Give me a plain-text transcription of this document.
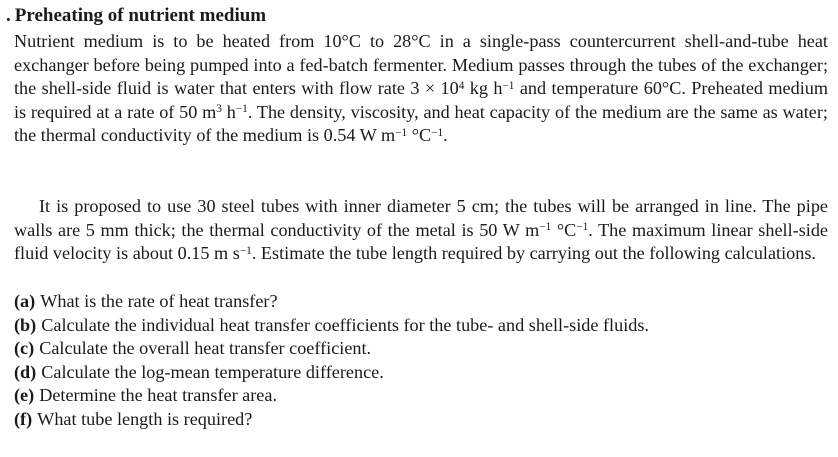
. Preheating of nutrient medium

Nutrient medium is to be heated from 10°C to 28°C in a single-pass countercurrent shell-and-tube heat exchanger before being pumped into a fed-batch fermenter. Medium passes through the tubes of the exchanger; the shell-side fluid is water that enters with flow rate $3 \times 10^4$ kg $h^{-1}$ and temperature 60°C. Preheated medium is required at a rate of 50 $m^3$ $h^{-1}$. The density, viscosity, and heat capacity of the medium are the same as water; the thermal conductivity of the medium is 0.54 W $m^{-1}$ $^\circ C^{-1}$.

It is proposed to use 30 steel tubes with inner diameter 5 cm; the tubes will be arranged in line. The pipe walls are 5 mm thick; the thermal conductivity of the metal is 50 W $m^{-1}$ $^\circ C^{-1}$. The maximum linear shell-side fluid velocity is about 0.15 m $s^{-1}$. Estimate the tube length required by carrying out the following calculations.

(a) What is the rate of heat transfer?
(b) Calculate the individual heat transfer coefficients for the tube- and shell-side fluids.
(c) Calculate the overall heat transfer coefficient.
(d) Calculate the log-mean temperature difference.
(e) Determine the heat transfer area.
(f) What tube length is required?
